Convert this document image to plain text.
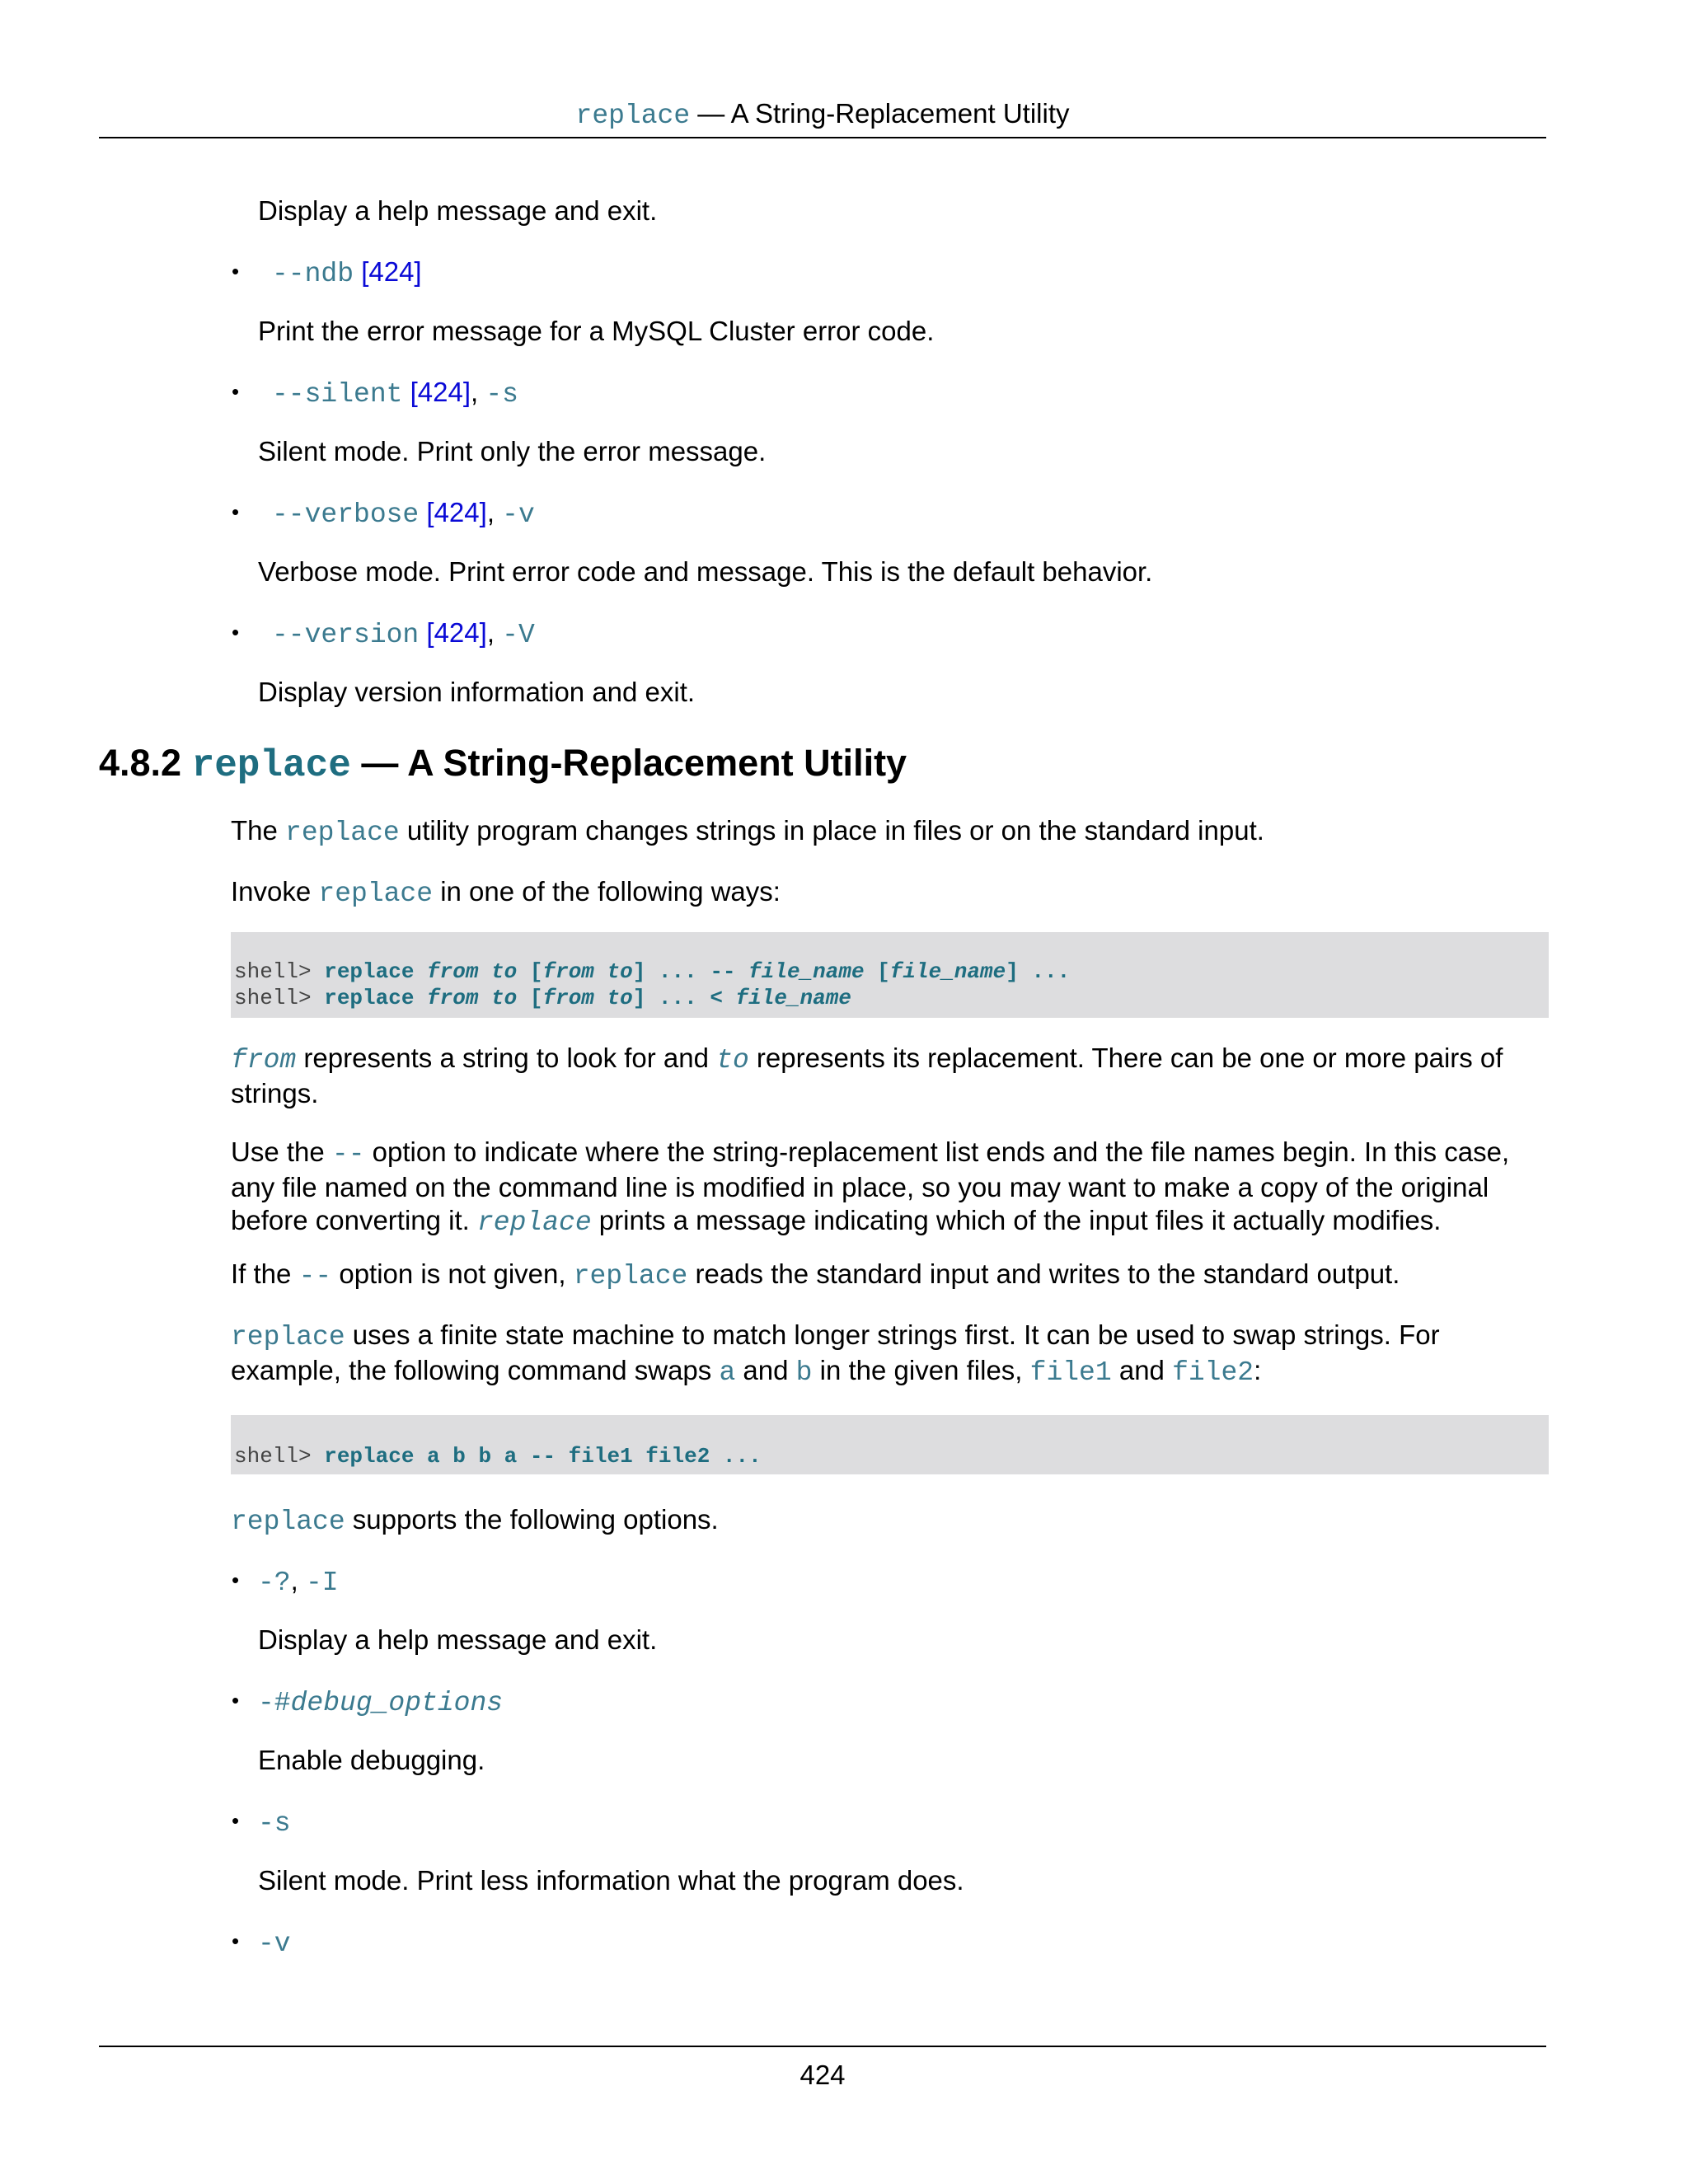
replace — A String-Replacement Utility
Display a help message and exit.
• --ndb [424]
Print the error message for a MySQL Cluster error code.
• --silent [424], -s
Silent mode. Print only the error message.
• --verbose [424], -v
Verbose mode. Print error code and message. This is the default behavior.
• --version [424], -V
Display version information and exit.
4.8.2 replace — A String-Replacement Utility
The replace utility program changes strings in place in files or on the standard input.
Invoke replace in one of the following ways:
shell> replace from to [from to] ... -- file_name [file_name] ...
shell> replace from to [from to] ... < file_name
from represents a string to look for and to represents its replacement. There can be one or more pairs of
strings.
Use the -- option to indicate where the string-replacement list ends and the file names begin. In this case,
any file named on the command line is modified in place, so you may want to make a copy of the original
before converting it. replace prints a message indicating which of the input files it actually modifies.
If the -- option is not given, replace reads the standard input and writes to the standard output.
replace uses a finite state machine to match longer strings first. It can be used to swap strings. For
example, the following command swaps a and b in the given files, file1 and file2:
shell> replace a b b a -- file1 file2 ...
replace supports the following options.
• -?, -I
Display a help message and exit.
• -#debug_options
Enable debugging.
• -s
Silent mode. Print less information what the program does.
• -v
424
